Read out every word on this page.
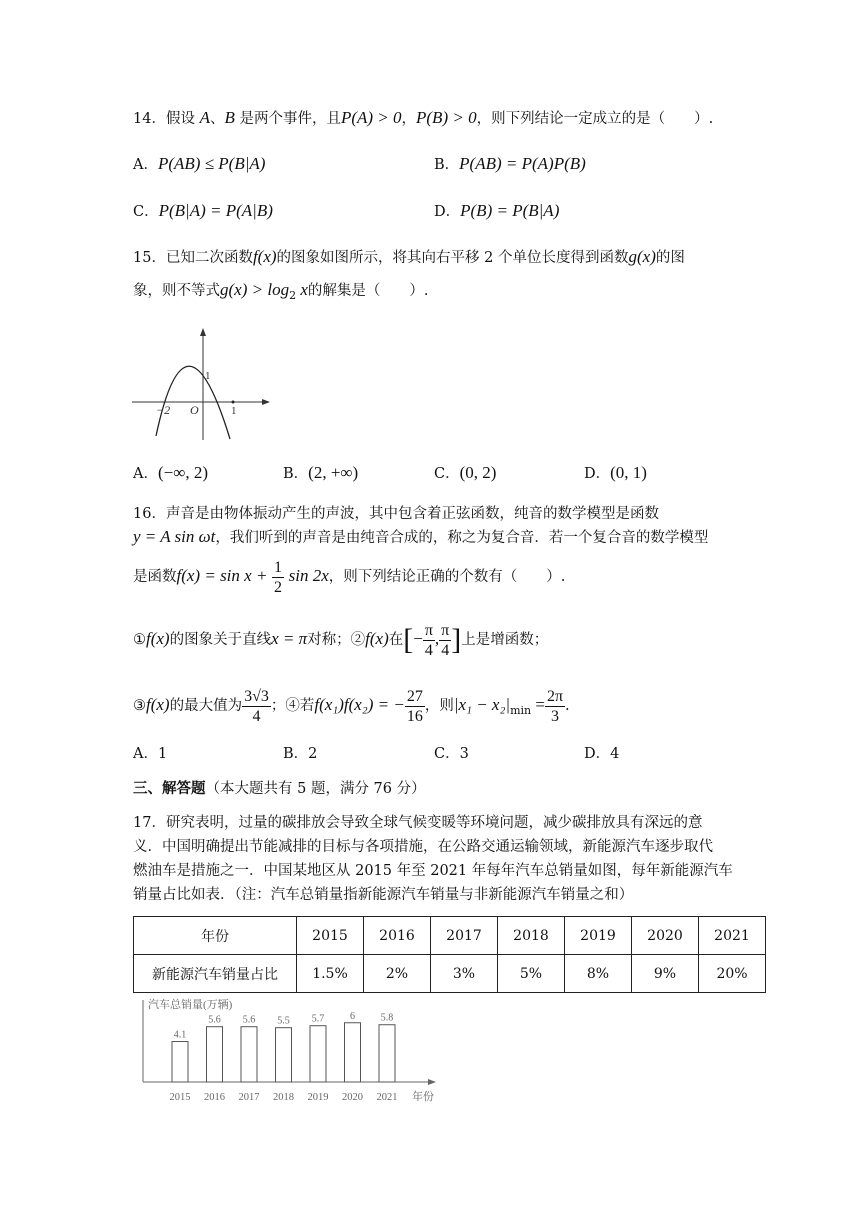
14．假设 A、B 是两个事件，且P(A) > 0，P(B) > 0，则下列结论一定成立的是（　　）.
A．P(AB) ≤ P(B|A)	B．P(AB) = P(A)P(B)
C．P(B|A) = P(A|B)	D．P(B) = P(B|A)
15．已知二次函数f(x)的图象如图所示，将其向右平移 2 个单位长度得到函数g(x)的图
象，则不等式$g(x) > \log_2 x$的解集是（　　）.
1
−2 O	1
A．(−∞, 2)	B．(2, +∞)	C．(0, 2)	D．(0, 1)
16．声音是由物体振动产生的声波，其中包含着正弦函数，纯音的数学模型是函数
y = A sin ωt，我们听到的声音是由纯音合成的，称之为复合音．若一个复合音的数学模型
是函数$f(x) = \sin x + \frac{1}{2}$ sin 2x，则下列结论正确的个数有（　　）.
①f(x)的图象关于直线x = π对称；②f(x)在[− $\frac{\pi}{4}$ , $\frac{\pi}{4}$ ]上是增函数；
③f(x)的最大值为 $\frac{3√3}{4}$ ；④若f(x₁)f(x₂) = − $\frac{27}{16}$ ，则$|x_1 - x_2|_{min} = \frac{2\pi}{3}$ .
A．1	B．2	C．3	D．4
三、解答题（本大题共有 5 题，满分 76 分）
17．研究表明，过量的碳排放会导致全球气候变暖等环境问题，减少碳排放具有深远的意
义．中国明确提出节能减排的目标与各项措施，在公路交通运输领域，新能源汽车逐步取代
燃油车是措施之一．中国某地区从 2015 年至 2021 年每年汽车总销量如图，每年新能源汽车
销量占比如表．（注：汽车总销量指新能源汽车销量与非新能源汽车销量之和）
年份	2015	2016	2017	2018	2019	2020	2021
新能源汽车销量占比	1.5%	2%	3%	5%	8%	9%	20%
汽车总销量(万辆)
年份
4.1
2015
5.6
2016
5.6
2017
5.5
2018
5.7
2019
6
2020
5.8
2021
